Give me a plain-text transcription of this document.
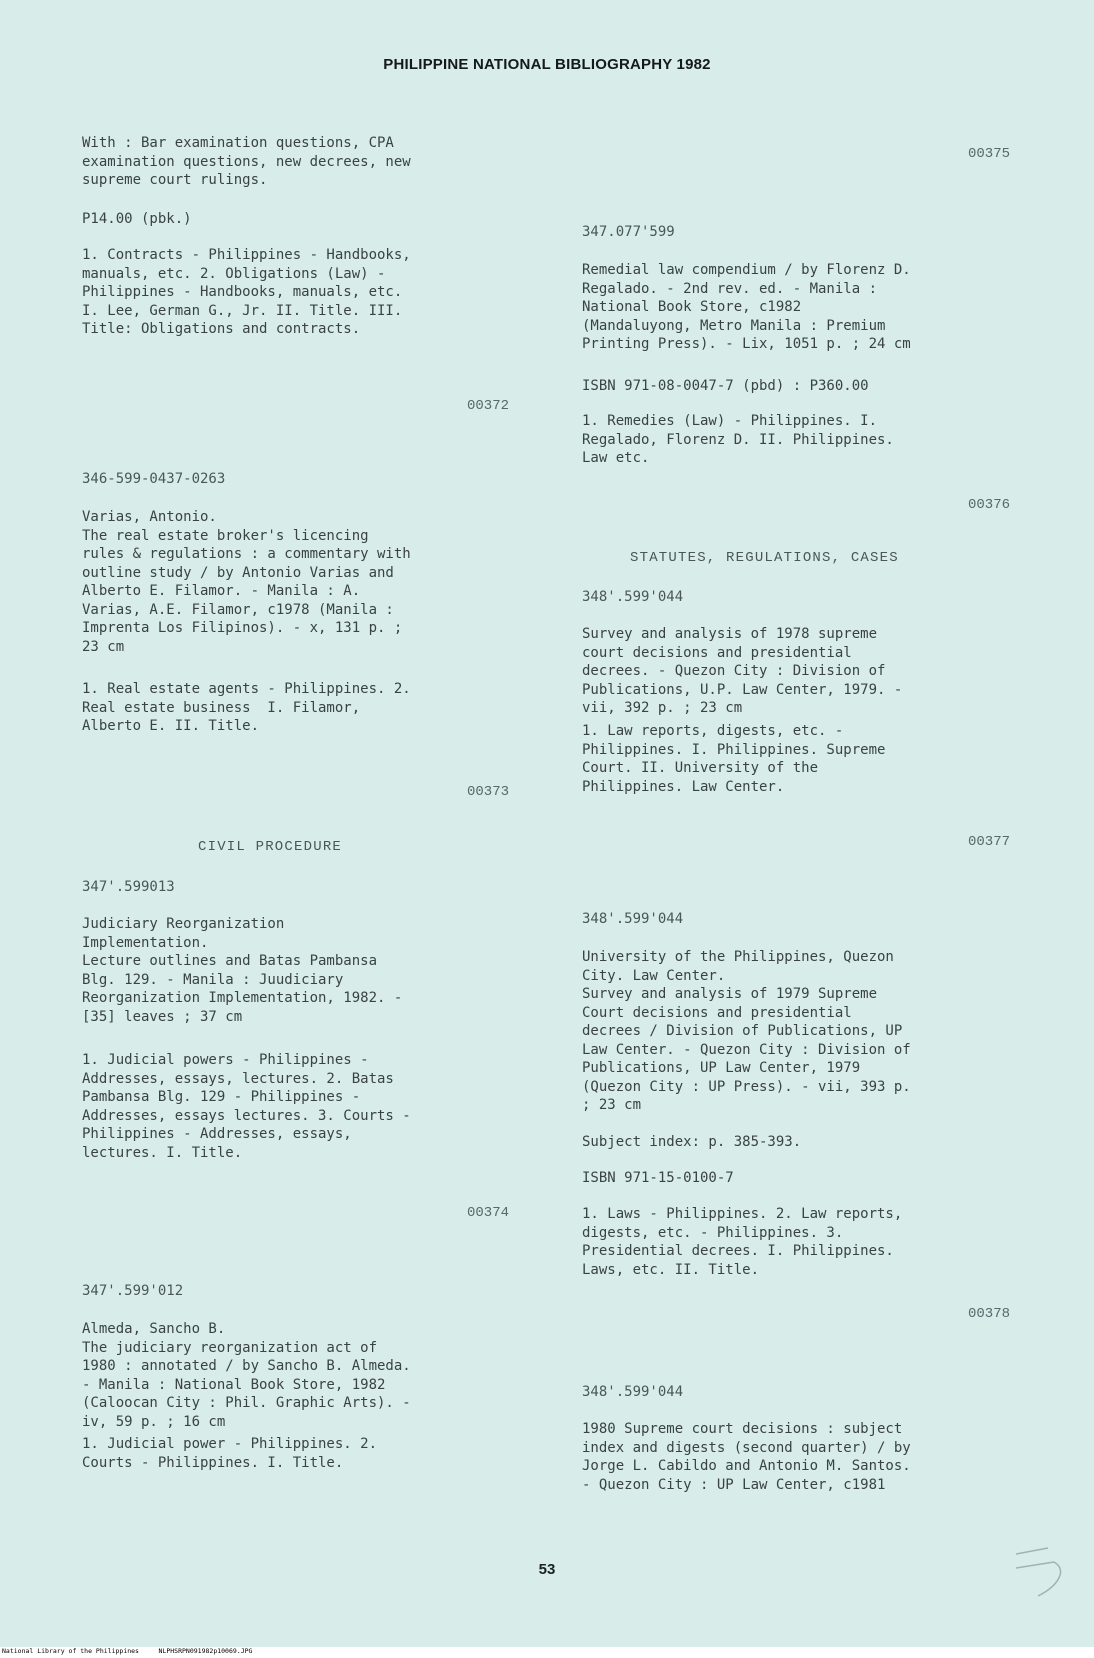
PHILIPPINE NATIONAL BIBLIOGRAPHY 1982
With : Bar examination questions, CPA
examination questions, new decrees, new
supreme court rulings.
P14.00 (pbk.)
1. Contracts - Philippines - Handbooks,
manuals, etc. 2. Obligations (Law) -
Philippines - Handbooks, manuals, etc.
I. Lee, German G., Jr. II. Title. III.
Title: Obligations and contracts.
00372
346-599-0437-0263
Varias, Antonio.
The real estate broker's licencing
rules & regulations : a commentary with
outline study / by Antonio Varias and
Alberto E. Filamor. - Manila : A.
Varias, A.E. Filamor, c1978 (Manila :
Imprenta Los Filipinos). - x, 131 p. ;
23 cm
1. Real estate agents - Philippines. 2.
Real estate business  I. Filamor,
Alberto E. II. Title.
00373
CIVIL PROCEDURE
347'.599013
Judiciary Reorganization
Implementation.
Lecture outlines and Batas Pambansa
Blg. 129. - Manila : Juudiciary
Reorganization Implementation, 1982. -
[35] leaves ; 37 cm
1. Judicial powers - Philippines -
Addresses, essays, lectures. 2. Batas
Pambansa Blg. 129 - Philippines -
Addresses, essays lectures. 3. Courts -
Philippines - Addresses, essays,
lectures. I. Title.
00374
347'.599'012
Almeda, Sancho B.
The judiciary reorganization act of
1980 : annotated / by Sancho B. Almeda.
- Manila : National Book Store, 1982
(Caloocan City : Phil. Graphic Arts). -
iv, 59 p. ; 16 cm
1. Judicial power - Philippines. 2.
Courts - Philippines. I. Title.
00375
347.077'599
Remedial law compendium / by Florenz D.
Regalado. - 2nd rev. ed. - Manila :
National Book Store, c1982
(Mandaluyong, Metro Manila : Premium
Printing Press). - Lix, 1051 p. ; 24 cm
ISBN 971-08-0047-7 (pbd) : P360.00
1. Remedies (Law) - Philippines. I.
Regalado, Florenz D. II. Philippines.
Law etc.
00376
STATUTES, REGULATIONS, CASES
348'.599'044
Survey and analysis of 1978 supreme
court decisions and presidential
decrees. - Quezon City : Division of
Publications, U.P. Law Center, 1979. -
vii, 392 p. ; 23 cm
1. Law reports, digests, etc. -
Philippines. I. Philippines. Supreme
Court. II. University of the
Philippines. Law Center.
00377
348'.599'044
University of the Philippines, Quezon
City. Law Center.
Survey and analysis of 1979 Supreme
Court decisions and presidential
decrees / Division of Publications, UP
Law Center. - Quezon City : Division of
Publications, UP Law Center, 1979
(Quezon City : UP Press). - vii, 393 p.
; 23 cm
Subject index: p. 385-393.
ISBN 971-15-0100-7
1. Laws - Philippines. 2. Law reports,
digests, etc. - Philippines. 3.
Presidential decrees. I. Philippines.
Laws, etc. II. Title.
00378
348'.599'044
1980 Supreme court decisions : subject
index and digests (second quarter) / by
Jorge L. Cabildo and Antonio M. Santos.
- Quezon City : UP Law Center, c1981
53
National Library of the Philippines     NLPHSRPN091982p10069.JPG
